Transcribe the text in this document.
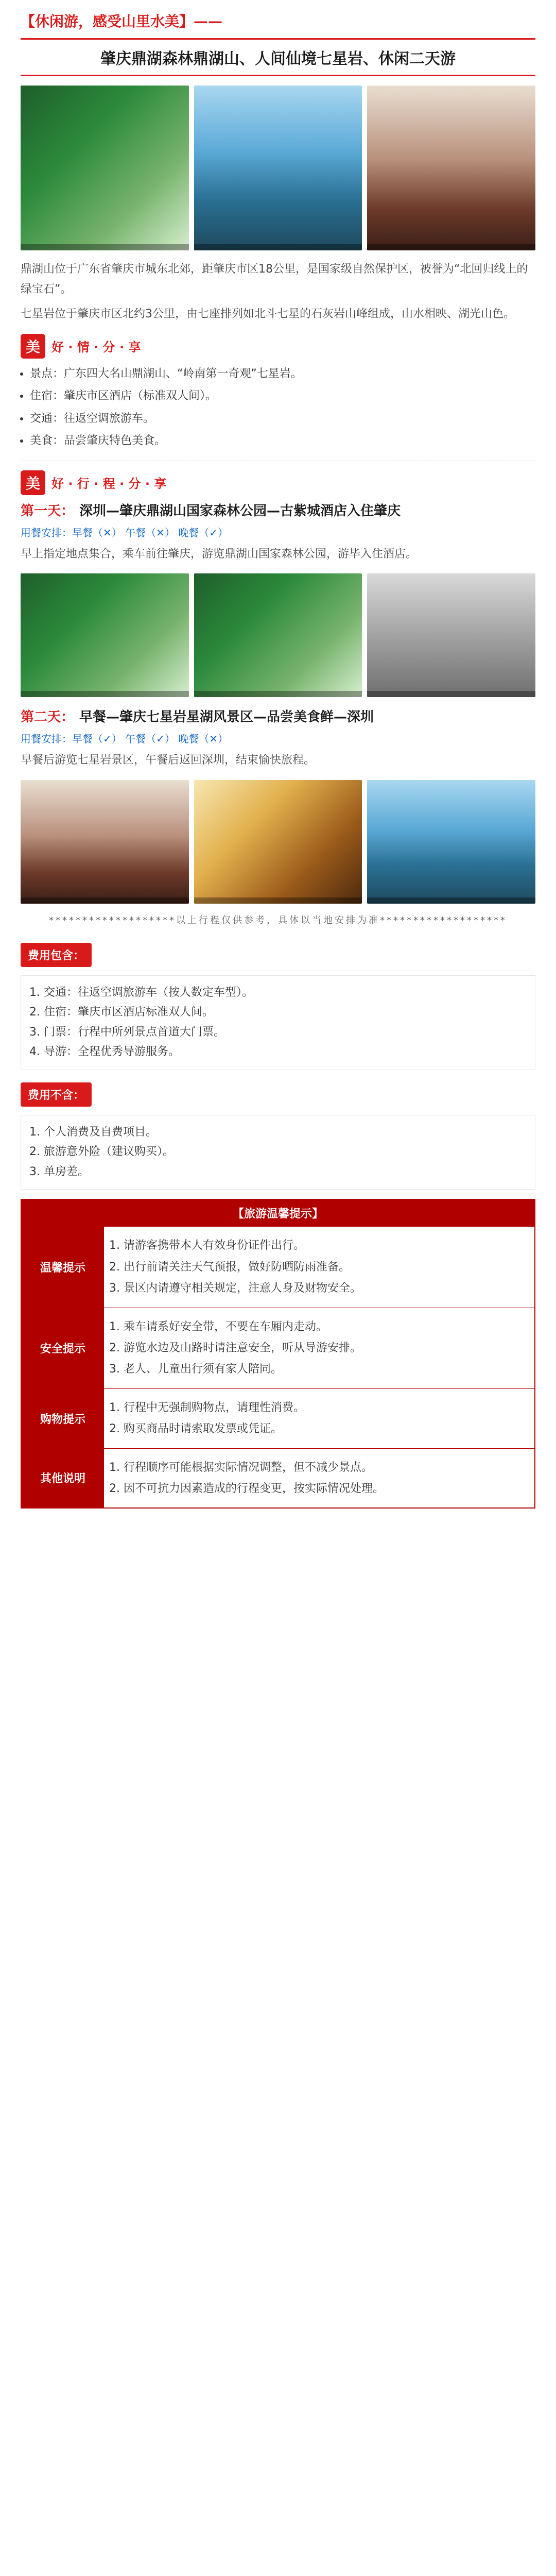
【休闲游，感受山里水美】——
肇庆鼎湖森林鼎湖山、人间仙境七星岩、休闲二天游
鼎湖山位于广东省肇庆市城东北郊，距肇庆市区18公里，是国家级自然保护区，被誉为“北回归线上的绿宝石”。
七星岩位于肇庆市区北约3公里，由七座排列如北斗七星的石灰岩山峰组成，山水相映、湖光山色。
美 好 · 情 · 分 · 享
• 景点：广东四大名山鼎湖山、“岭南第一奇观”七星岩。
• 住宿：肇庆市区酒店（标准双人间）。
• 交通：往返空调旅游车。
• 美食：品尝肇庆特色美食。
美 好 · 行 · 程 · 分 · 享
第一天： 深圳—肇庆鼎湖山国家森林公园—古紫城酒店入住肇庆
用餐安排：早餐（✕） 午餐（✕） 晚餐（✓）
早上指定地点集合，乘车前往肇庆，游览鼎湖山国家森林公园，游毕入住酒店。
第二天： 早餐—肇庆七星岩星湖风景区—品尝美食鲜—深圳
用餐安排：早餐（✓） 午餐（✓） 晚餐（✕）
早餐后游览七星岩景区，午餐后返回深圳，结束愉快旅程。
*******************以上行程仅供参考，具体以当地安排为准*******************
费用包含：
1. 交通：往返空调旅游车（按人数定车型）。
2. 住宿：肇庆市区酒店标准双人间。
3. 门票：行程中所列景点首道大门票。
4. 导游：全程优秀导游服务。
费用不含：
1. 个人消费及自费项目。
2. 旅游意外险（建议购买）。
3. 单房差。
【旅游温馨提示】
温馨提示
1. 请游客携带本人有效身份证件出行。
2. 出行前请关注天气预报，做好防晒防雨准备。
3. 景区内请遵守相关规定，注意人身及财物安全。
安全提示
1. 乘车请系好安全带，不要在车厢内走动。
2. 游览水边及山路时请注意安全，听从导游安排。
3. 老人、儿童出行须有家人陪同。
购物提示
1. 行程中无强制购物点，请理性消费。
2. 购买商品时请索取发票或凭证。
其他说明
1. 行程顺序可能根据实际情况调整，但不减少景点。
2. 因不可抗力因素造成的行程变更，按实际情况处理。
